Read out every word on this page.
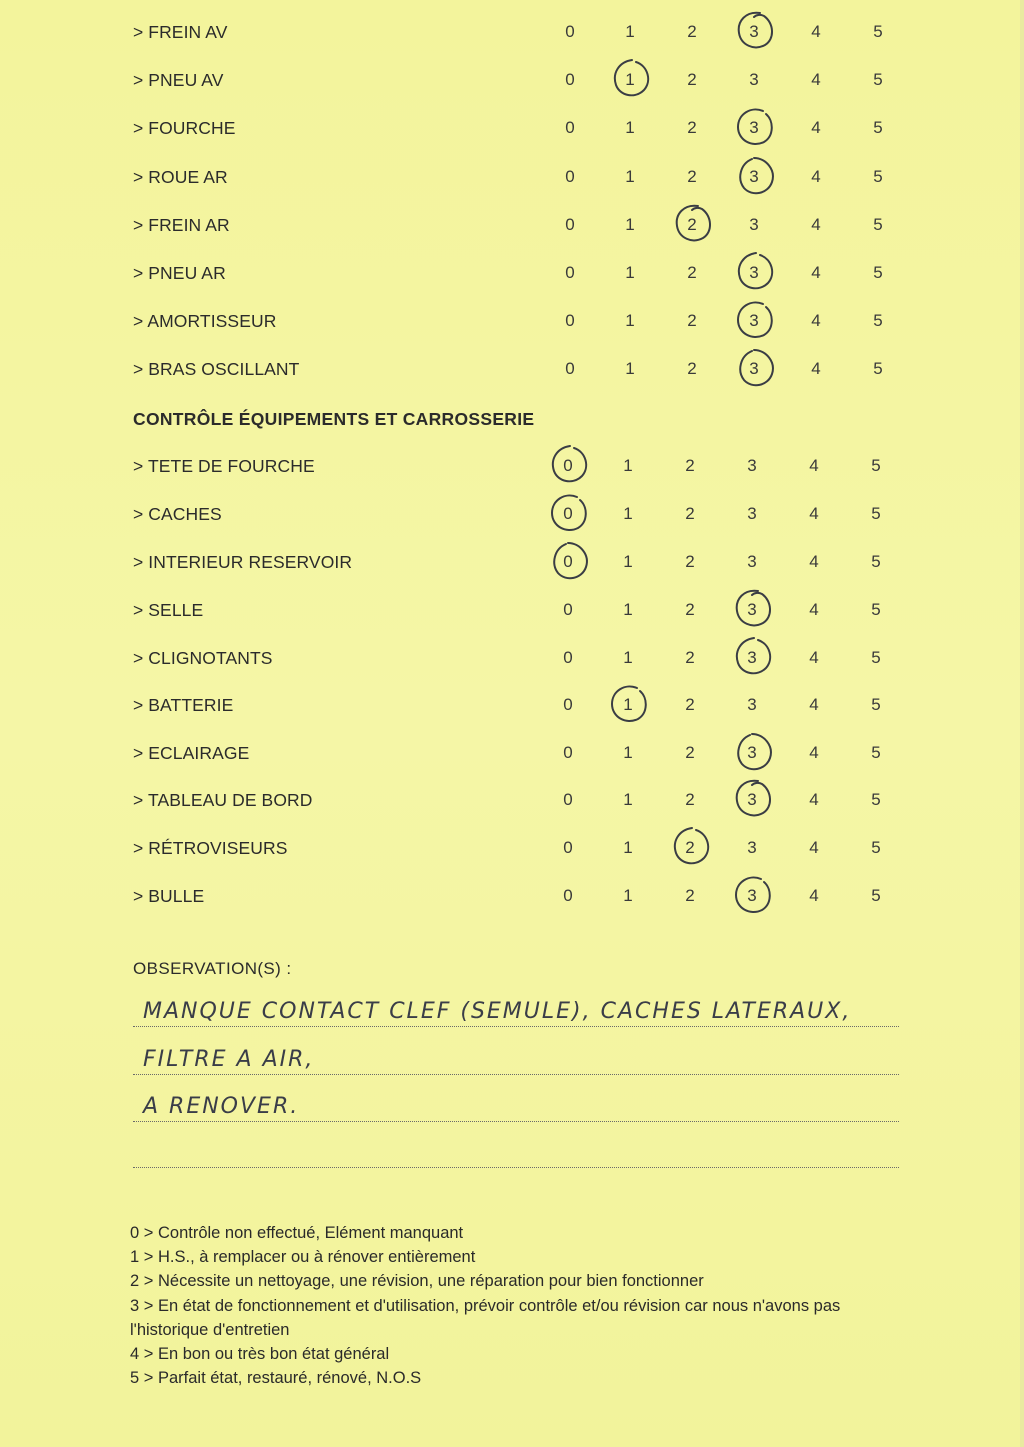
> FREIN AV	0	1	2	3	4	5
> PNEU AV	0	1	2	3	4	5
> FOURCHE	0	1	2	3	4	5
> ROUE AR	0	1	2	3	4	5
> FREIN AR	0	1	2	3	4	5
> PNEU AR	0	1	2	3	4	5
> AMORTISSEUR	0	1	2	3	4	5
> BRAS OSCILLANT	0	1	2	3	4	5
CONTRÔLE ÉQUIPEMENTS ET CARROSSERIE
> TETE DE FOURCHE	0	1	2	3	4	5
> CACHES	0	1	2	3	4	5
> INTERIEUR RESERVOIR	0	1	2	3	4	5
> SELLE	0	1	2	3	4	5
> CLIGNOTANTS	0	1	2	3	4	5
> BATTERIE	0	1	2	3	4	5
> ECLAIRAGE	0	1	2	3	4	5
> TABLEAU DE BORD	0	1	2	3	4	5
> RÉTROVISEURS	0	1	2	3	4	5
> BULLE	0	1	2	3	4	5
OBSERVATION(S) :
MANQUE CONTACT CLEF (SEMULE), CACHES LATERAUX,
FILTRE A AIR,
A RENOVER.
0 > Contrôle non effectué, Elément manquant
1 > H.S., à remplacer ou à rénover entièrement
2 > Nécessite un nettoyage, une révision, une réparation pour bien fonctionner
3 > En état de fonctionnement et d'utilisation, prévoir contrôle et/ou révision car nous n'avons pas l'historique d'entretien
4 > En bon ou très bon état général
5 > Parfait état, restauré, rénové, N.O.S
